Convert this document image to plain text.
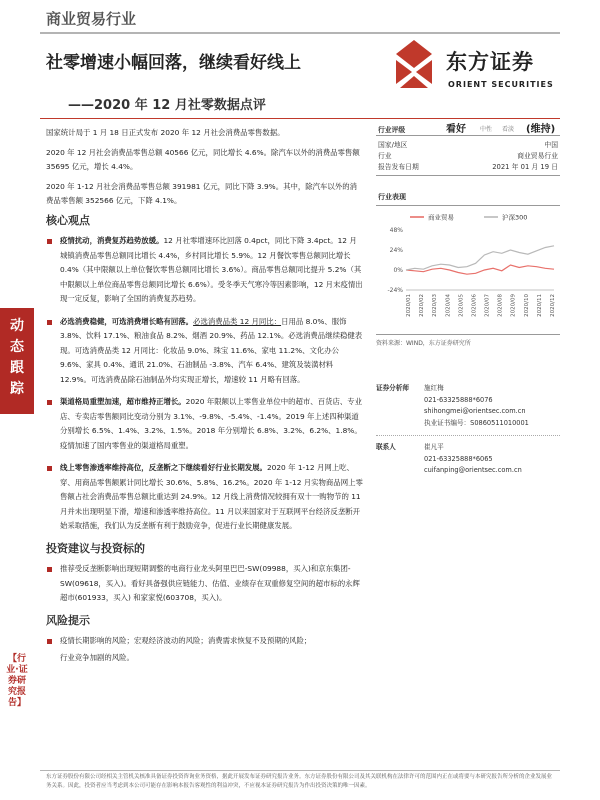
商业贸易行业
社零增速小幅回落，继续看好线上
——2020 年 12 月社零数据点评
东方证券
ORIENT SECURITIES
动态跟踪
【行业·证券研究报告】

国家统计局于 1 月 18 日正式发布 2020 年 12 月社会消费品零售数据。

2020 年 12 月社会消费品零售总额 40566 亿元，同比增长 4.6%。除汽车以外的消费品零售额 35695 亿元，增长 4.4%。

2020 年 1-12 月社会消费品零售总额 391981 亿元，同比下降 3.9%。其中，除汽车以外的消费品零售额 352566 亿元，下降 4.1%。

核心观点
疫情扰动，消费复苏趋势放缓。12 月社零增速环比回落 0.4pct，同比下降 3.4pct。12 月城镇消费品零售总额同比增长 4.4%，乡村同比增长 5.9%。12 月餐饮零售总额同比增长 0.4%（其中限额以上单位餐饮零售总额同比增长 3.6%）。商品零售总额同比提升 5.2%（其中限额以上单位商品零售总额同比增长 6.6%）。受冬季天气寒冷等因素影响，12 月末疫情出现一定反复，影响了全国的消费复苏趋势。
必选消费稳健，可选消费增长略有回落。必选消费品类 12 月同比：日用品 8.0%、服饰 3.8%、饮料 17.1%、粮油食品 8.2%、烟酒 20.9%、药品 12.1%。必选消费品继续稳健表现。可选消费品类 12 月同比：化妆品 9.0%、珠宝 11.6%、家电 11.2%、文化办公 9.6%、家具 0.4%、通讯 21.0%、石油制品 -3.8%、汽车 6.4%、建筑及装潢材料 12.9%。可选消费品除石油制品外均实现正增长，增速较 11 月略有回落。
渠道格局重塑加速，超市维持正增长。2020 年限额以上零售业单位中的超市、百货店、专业店、专卖店零售额同比变动分别为 3.1%、-9.8%、-5.4%、-1.4%。2019 年上述四种渠道分别增长 6.5%、1.4%、3.2%、1.5%。2018 年分别增长 6.8%、3.2%、6.2%、1.8%。疫情加速了国内零售业的渠道格局重塑。
线上零售渗透率维持高位，反垄断之下继续看好行业长期发展。2020 年 1-12 月网上吃、穿、用商品零售额累计同比增长 30.6%、5.8%、16.2%。2020 年 1-12 月实物商品网上零售额占社会消费品零售总额比重达到 24.9%。12 月线上消费情况较拥有双十一购物节的 11 月并未出现明显下滑，增速和渗透率维持高位。11 月以来国家对于互联网平台经济反垄断开始采取措施，我们认为反垄断有利于鼓励竞争，促进行业长期健康发展。
投资建议与投资标的
推荐受反垄断影响出现短期调整的电商行业龙头阿里巴巴-SW(09988，买入)和京东集团-SW(09618，买入)。看好具备强供应链能力、估值、业绩存在双重修复空间的超市标的永辉超市(601933，买入) 和家家悦(603708，买入)。
风险提示
疫情长期影响的风险；宏观经济波动的风险；消费需求恢复不及预期的风险；
行业竞争加剧的风险。
行业评级	看好 中性 看淡 (维持)
国家/地区	中国
行业	商业贸易行业
报告发布日期	2021 年 01 月 19 日
行业表现
商业贸易	沪深300
48%
24%
0%
-24%
2020/01 2020/02 2020/03 2020/04 2020/05 2020/06 2020/07 2020/08 2020/09 2020/10 2020/11 2020/12
资料来源：WIND，东方证券研究所
证券分析师	施红梅
021-63325888*6076
shihongmei@orientsec.com.cn
执业证书编号：S0860511010001
联系人	崔凡平
021-63325888*6065
cuifanping@orientsec.com.cn
东方证券股份有限公司经相关主管机关核准具备证券投资咨询业务资格，据此开展发布证券研究报告业务。东方证券股份有限公司及其关联机构在法律许可的范围内正在或将要与本研究报告所分析的企业发展业务关系。因此，投资者应当考虑到本公司可能存在影响本报告客观性的利益冲突，不应视本证券研究报告为作出投资决策的唯一因素。
